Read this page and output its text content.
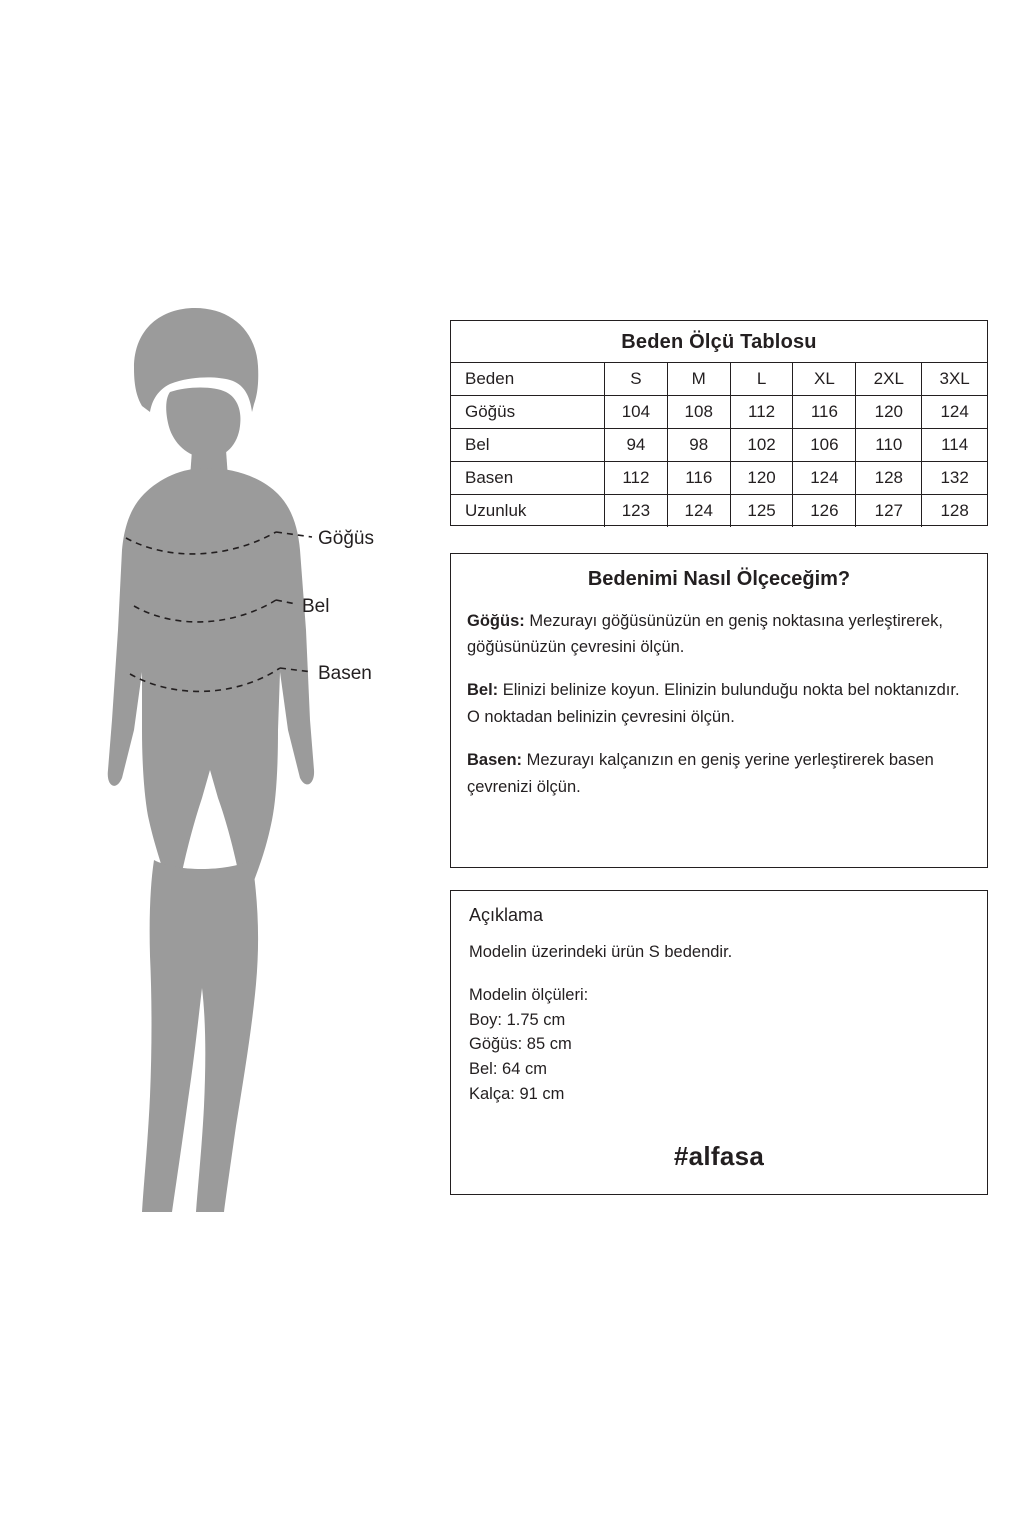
Göğüs
Bel
Basen
Beden Ölçü Tablosu
Beden	S	M	L	XL	2XL	3XL
Göğüs	104	108	112	116	120	124
Bel	94	98	102	106	110	114
Basen	112	116	120	124	128	132
Uzunluk	123	124	125	126	127	128
Bedenimi Nasıl Ölçeceğim?

Göğüs: Mezurayı göğüsünüzün en geniş noktasına yerleştirerek, göğüsünüzün çevresini ölçün.

Bel: Elinizi belinize koyun. Elinizin bulunduğu nokta bel noktanızdır. O noktadan belinizin çevresini ölçün.

Basen: Mezurayı kalçanızın en geniş yerine yerleştirerek basen çevrenizi ölçün.

Açıklama
Modelin üzerindeki ürün S bedendir.
Modelin ölçüleri:
Boy: 1.75 cm
Göğüs: 85 cm
Bel: 64 cm
Kalça: 91 cm
#alfasa
